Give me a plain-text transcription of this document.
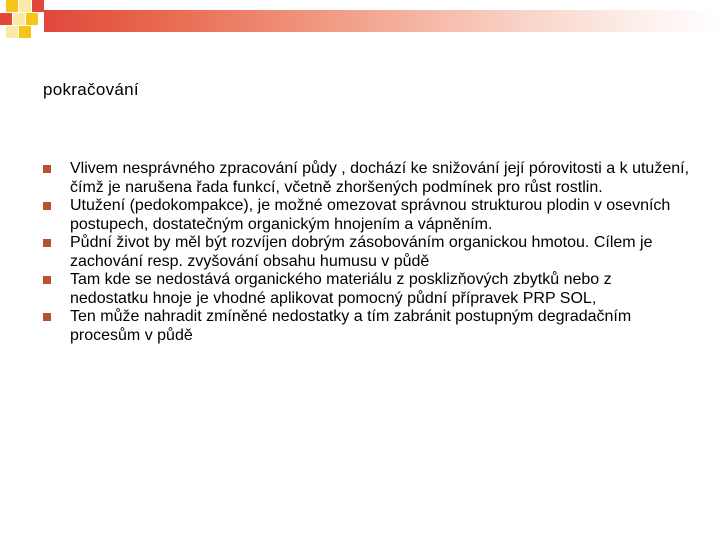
pokračování
Vlivem nesprávného zpracování půdy , dochází ke snižování její pórovitosti a k utužení, čímž je narušena řada funkcí, včetně zhoršených podmínek pro růst rostlin.
Utužení (pedokompakce), je možné omezovat správnou strukturou plodin v osevních postupech, dostatečným organickým hnojením a vápněním.
Půdní život by měl být rozvíjen dobrým zásobováním organickou hmotou. Cílem je zachování resp. zvyšování obsahu humusu v půdě
Tam kde se nedostává organického materiálu z posklizňových zbytků nebo z nedostatku hnoje je vhodné aplikovat pomocný půdní přípravek PRP SOL,
Ten může nahradit zmíněné nedostatky a tím zabránit postupným degradačním procesům v půdě
